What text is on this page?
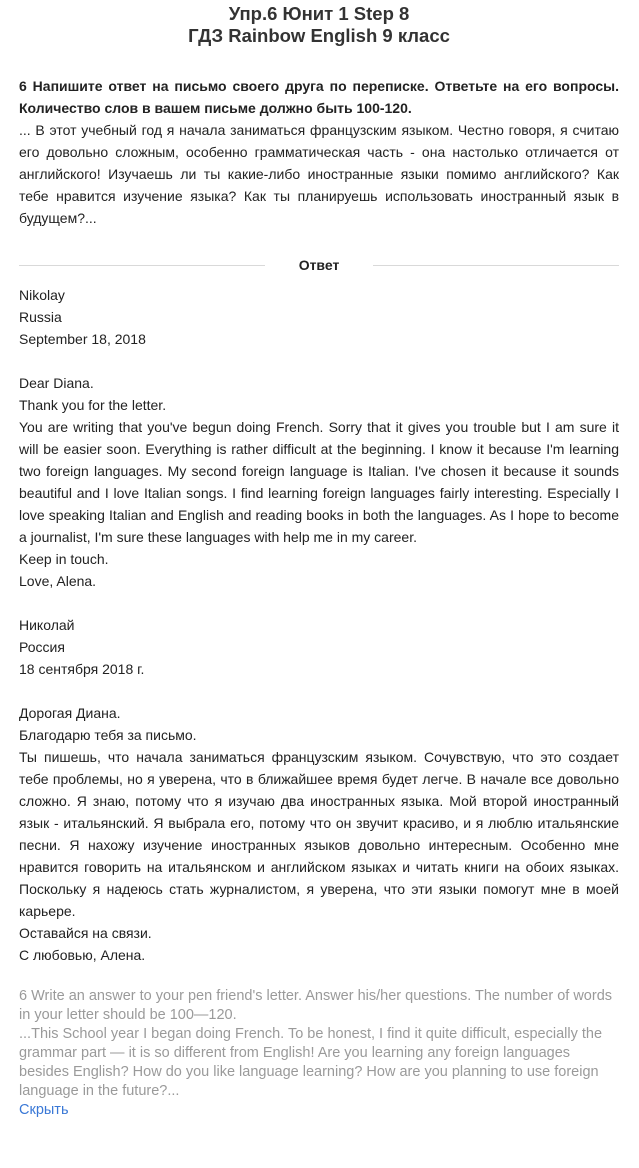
Упр.6 Юнит 1 Step 8
ГДЗ Rainbow English 9 класс
6 Напишите ответ на письмо своего друга по переписке. Ответьте на его вопросы. Количество слов в вашем письме должно быть 100-120.
... В этот учебный год я начала заниматься французским языком. Честно говоря, я считаю его довольно сложным, особенно грамматическая часть - она настолько отличается от английского! Изучаешь ли ты какие-либо иностранные языки помимо английского? Как тебе нравится изучение языка? Как ты планируешь использовать иностранный язык в будущем?...
Ответ

Nikolay

Russia

September 18, 2018

Dear Diana.

Thank you for the letter.

You are writing that you've begun doing French. Sorry that it gives you trouble but I am sure it will be easier soon. Everything is rather difficult at the beginning. I know it because I'm learning two foreign languages. My second foreign language is Italian. I've chosen it because it sounds beautiful and I love Italian songs. I find learning foreign languages fairly interesting. Especially I love speaking Italian and English and reading books in both the languages. As I hope to become a journalist, I'm sure these languages with help me in my career.

Keep in touch.

Love, Alena.

Николай

Россия

18 сентября 2018 г.

Дорогая Диана.

Благодарю тебя за письмо.

Ты пишешь, что начала заниматься французским языком. Сочувствую, что это создает тебе проблемы, но я уверена, что в ближайшее время будет легче. В начале все довольно сложно. Я знаю, потому что я изучаю два иностранных языка. Мой второй иностранный язык - итальянский. Я выбрала его, потому что он звучит красиво, и я люблю итальянские песни. Я нахожу изучение иностранных языков довольно интересным. Особенно мне нравится говорить на итальянском и английском языках и читать книги на обоих языках. Поскольку я надеюсь стать журналистом, я уверена, что эти языки помогут мне в моей карьере.

Оставайся на связи.

С любовью, Алена.

6 Write an answer to your pen friend's letter. Answer his/her questions. The number of words in your letter should be 100—120.

...This School year I began doing French. To be honest, I find it quite difficult, especially the grammar part — it is so different from English! Are you learning any foreign languages besides English? How do you like language learning? How are you planning to use foreign language in the future?...

Скрыть
